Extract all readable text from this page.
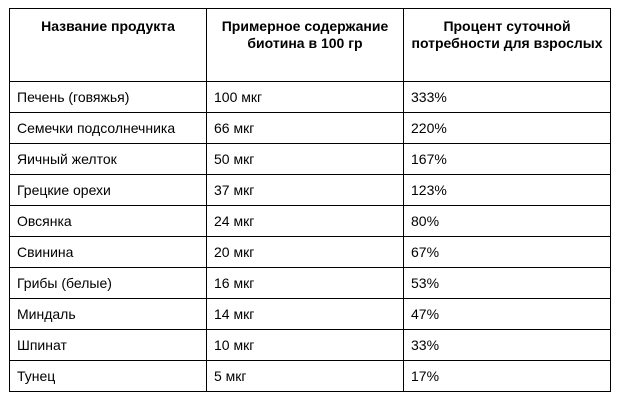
Название продукта	Примерное содержание биотина в 100 гр	Процент суточной потребности для взрослых
Печень (говяжья)	100 мкг	333%
Семечки подсолнечника	66 мкг	220%
Яичный желток	50 мкг	167%
Грецкие орехи	37 мкг	123%
Овсянка	24 мкг	80%
Свинина	20 мкг	67%
Грибы (белые)	16 мкг	53%
Миндаль	14 мкг	47%
Шпинат	10 мкг	33%
Тунец	5 мкг	17%
